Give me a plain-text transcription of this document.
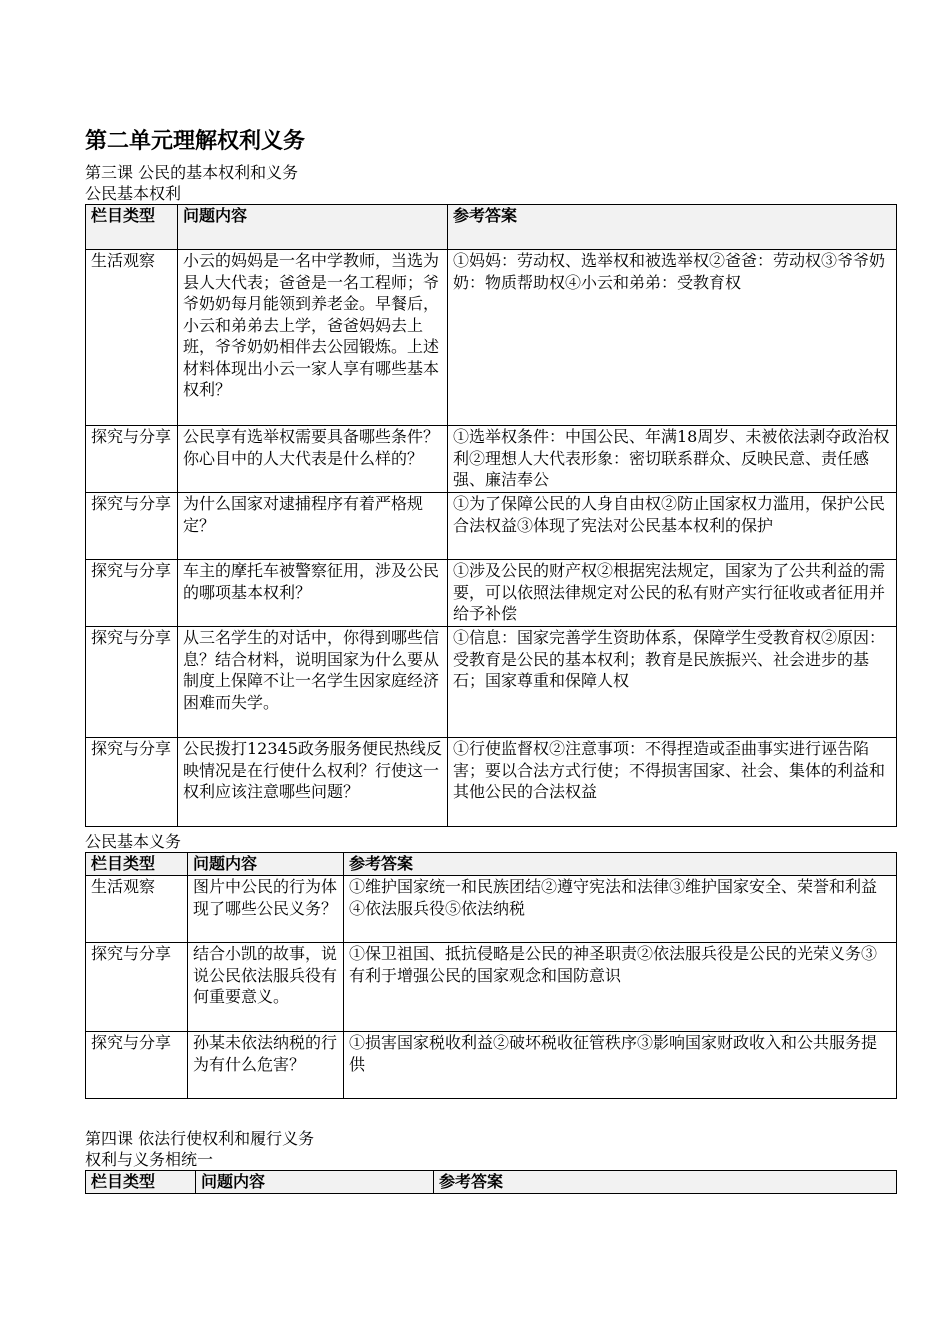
第二单元理解权利义务
第三课 公民的基本权利和义务
公民基本权利
栏目类型	问题内容	参考答案
生活观察	小云的妈妈是一名中学教师，当选为县人大代表；爸爸是一名工程师；爷爷奶奶每月能领到养老金。早餐后，小云和弟弟去上学，爸爸妈妈去上班，爷爷奶奶相伴去公园锻炼。上述材料体现出小云一家人享有哪些基本权利？	①妈妈：劳动权、选举权和被选举权②爸爸：劳动权③爷爷奶奶：物质帮助权④小云和弟弟：受教育权
探究与分享	公民享有选举权需要具备哪些条件？你心目中的人大代表是什么样的？	①选举权条件：中国公民、年满18周岁、未被依法剥夺政治权利②理想人大代表形象：密切联系群众、反映民意、责任感强、廉洁奉公
探究与分享	为什么国家对逮捕程序有着严格规定？	①为了保障公民的人身自由权②防止国家权力滥用，保护公民合法权益③体现了宪法对公民基本权利的保护
探究与分享	车主的摩托车被警察征用，涉及公民的哪项基本权利？	①涉及公民的财产权②根据宪法规定，国家为了公共利益的需要，可以依照法律规定对公民的私有财产实行征收或者征用并给予补偿
探究与分享	从三名学生的对话中，你得到哪些信息？结合材料，说明国家为什么要从制度上保障不让一名学生因家庭经济困难而失学。	①信息：国家完善学生资助体系，保障学生受教育权②原因：受教育是公民的基本权利；教育是民族振兴、社会进步的基石；国家尊重和保障人权
探究与分享	公民拨打12345政务服务便民热线反映情况是在行使什么权利？行使这一权利应该注意哪些问题？	①行使监督权②注意事项：不得捏造或歪曲事实进行诬告陷害；要以合法方式行使；不得损害国家、社会、集体的利益和其他公民的合法权益
公民基本义务
栏目类型	问题内容	参考答案
生活观察	图片中公民的行为体现了哪些公民义务？	①维护国家统一和民族团结②遵守宪法和法律③维护国家安全、荣誉和利益④依法服兵役⑤依法纳税
探究与分享	结合小凯的故事，说说公民依法服兵役有何重要意义。	①保卫祖国、抵抗侵略是公民的神圣职责②依法服兵役是公民的光荣义务③有利于增强公民的国家观念和国防意识
探究与分享	孙某未依法纳税的行为有什么危害？	①损害国家税收利益②破坏税收征管秩序③影响国家财政收入和公共服务提供
第四课 依法行使权利和履行义务
权利与义务相统一
栏目类型	问题内容	参考答案
